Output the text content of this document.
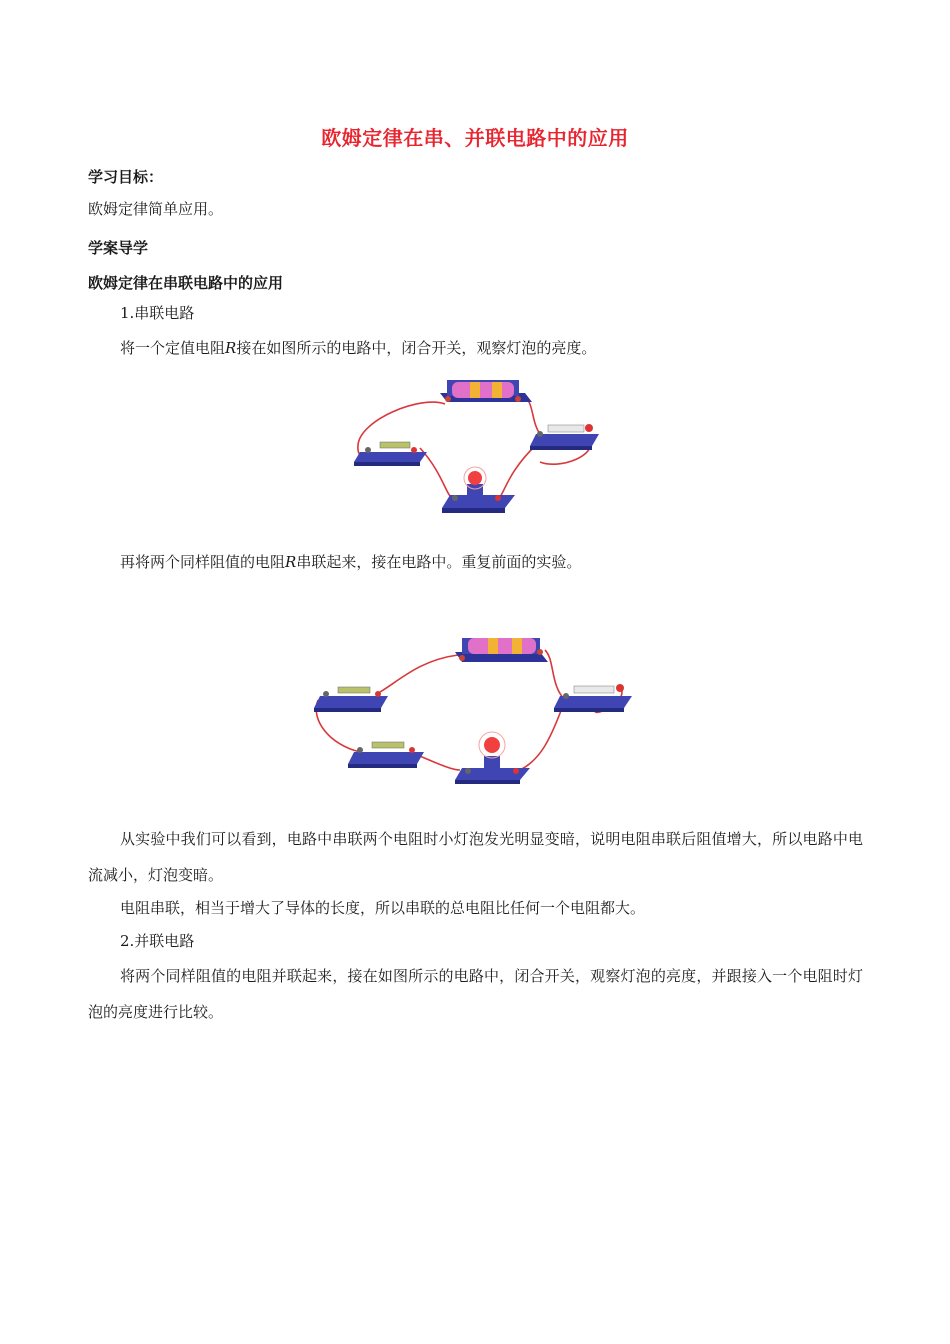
欧姆定律在串、并联电路中的应用
学习目标：
欧姆定律简单应用。
学案导学
欧姆定律在串联电路中的应用
1.串联电路
将一个定值电阻R接在如图所示的电路中，闭合开关，观察灯泡的亮度。
再将两个同样阻值的电阻R串联起来，接在电路中。重复前面的实验。
从实验中我们可以看到，电路中串联两个电阻时小灯泡发光明显变暗，说明电阻串联后阻值增大，所以电路中电流减小，灯泡变暗。
电阻串联，相当于增大了导体的长度，所以串联的总电阻比任何一个电阻都大。
2.并联电路
将两个同样阻值的电阻并联起来，接在如图所示的电路中，闭合开关，观察灯泡的亮度，并跟接入一个电阻时灯泡的亮度进行比较。
